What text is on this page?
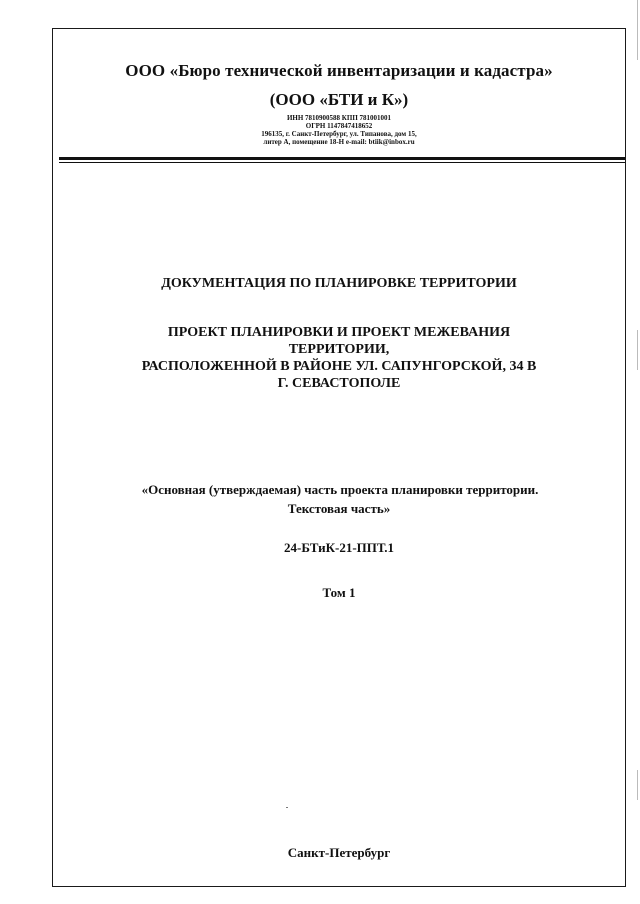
ООО «Бюро технической инвентаризации и кадастра»
(ООО «БТИ и К»)
ИНН 7810900588 КПП 781001001
ОГРН 1147847418652
196135, г. Санкт-Петербург, ул. Типанова, дом 15,
литер А, помещение 18-Н e-mail: btiik@inbox.ru
ДОКУМЕНТАЦИЯ ПО ПЛАНИРОВКЕ ТЕРРИТОРИИ
ПРОЕКТ ПЛАНИРОВКИ И ПРОЕКТ МЕЖЕВАНИЯ
ТЕРРИТОРИИ,
РАСПОЛОЖЕННОЙ В РАЙОНЕ УЛ. САПУНГОРСКОЙ, 34 В
Г. СЕВАСТОПОЛЕ
«Основная (утверждаемая) часть проекта планировки территории.
Текстовая часть»
24-БТиК-21-ППТ.1
Том 1
Санкт-Петербург
